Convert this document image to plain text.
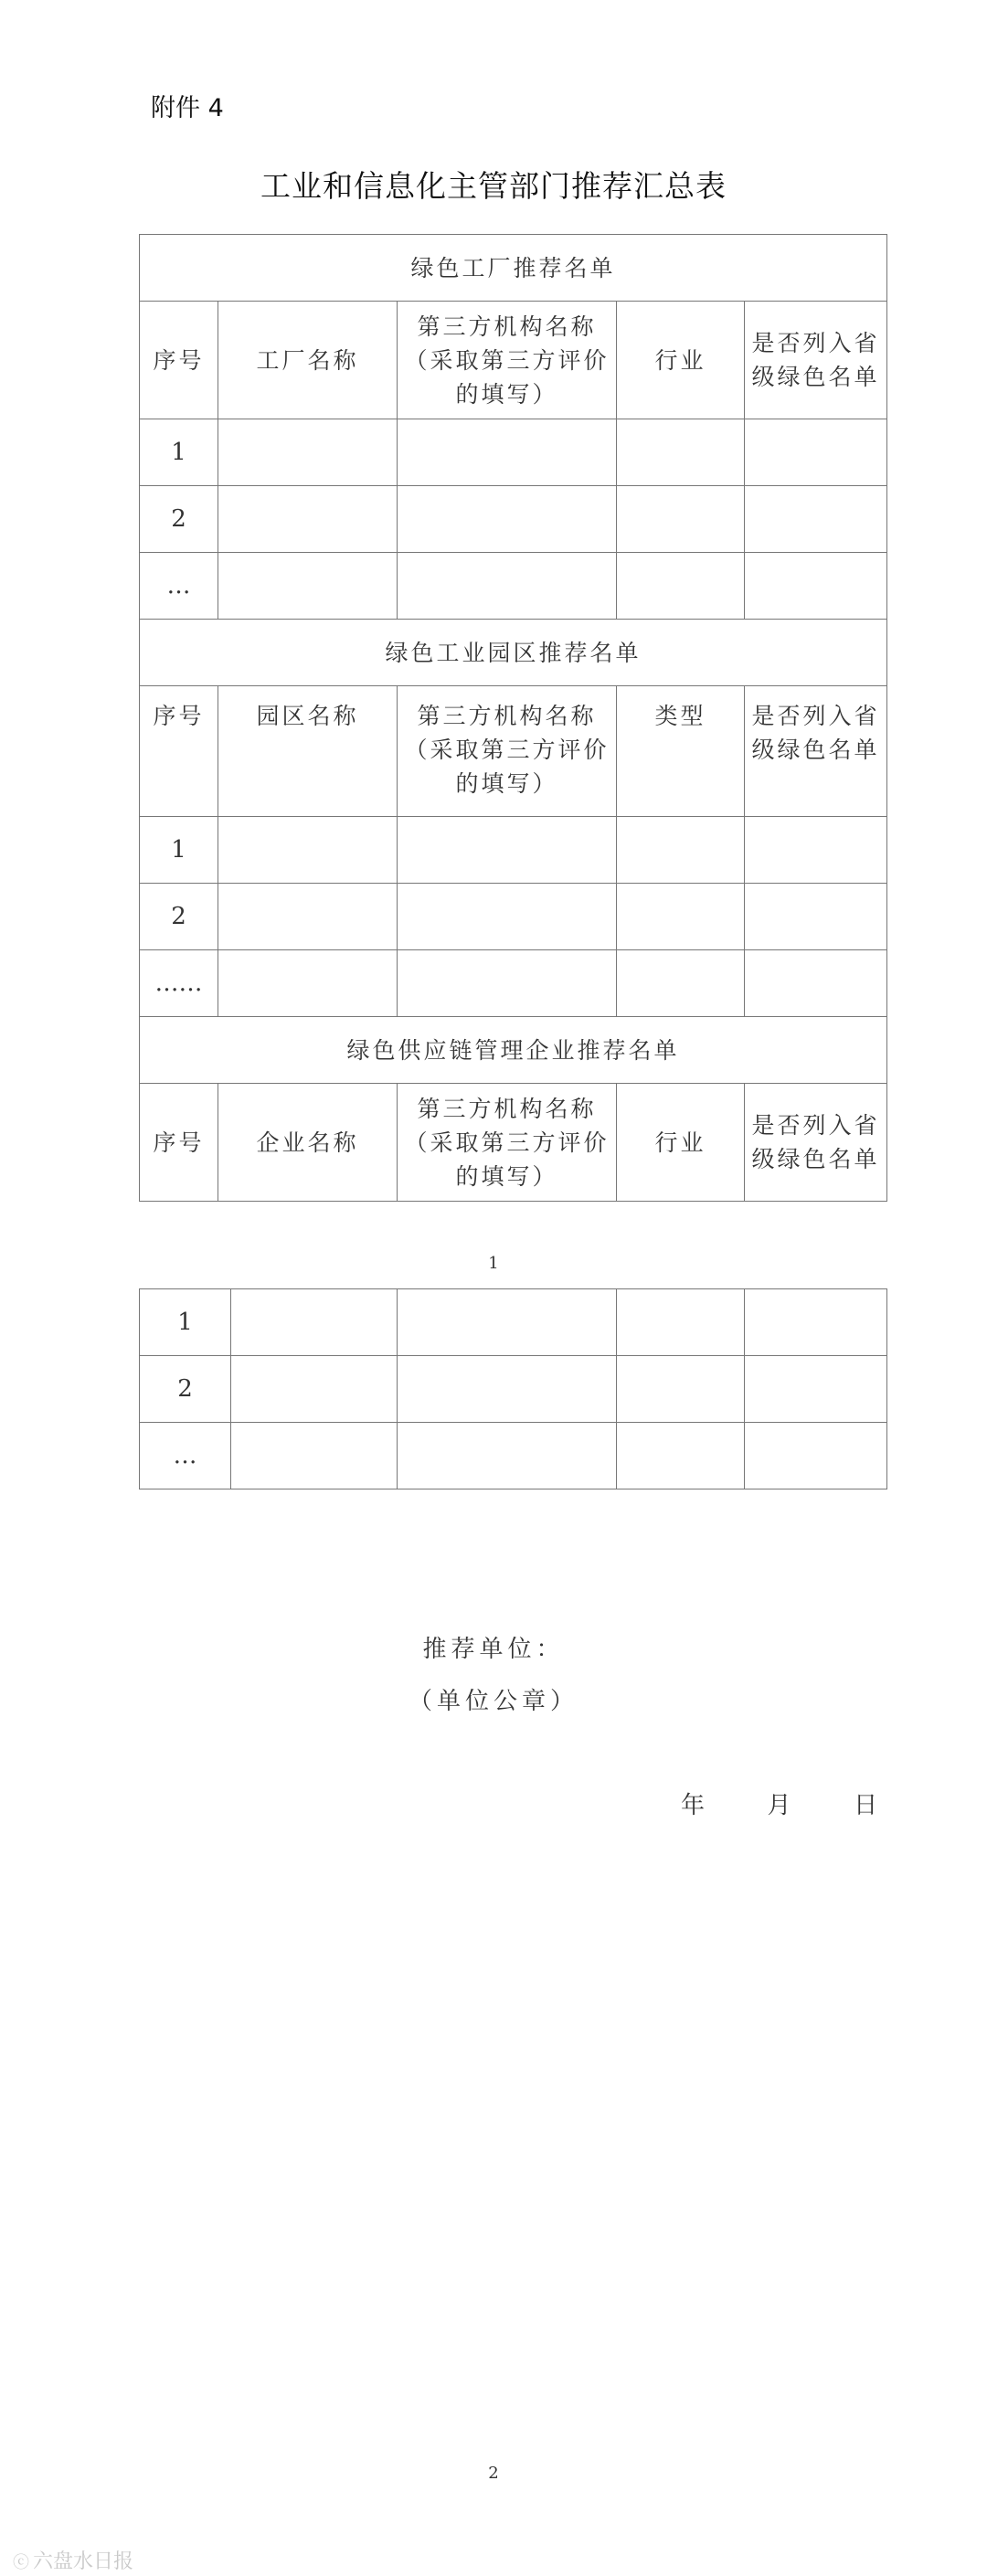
附件 4
工业和信息化主管部门推荐汇总表
绿色工厂推荐名单				
序号	工厂名称	第三方机构名称（采取第三方评价的填写）	行业	是否列入省级绿色名单
1				
2				
…				
绿色工业园区推荐名单				
序号	园区名称	第三方机构名称（采取第三方评价的填写）	类型	是否列入省级绿色名单
1				
2				
……				
绿色供应链管理企业推荐名单				
序号	企业名称	第三方机构名称（采取第三方评价的填写）	行业	是否列入省级绿色名单
1
1				
2				
…				
推荐单位：
（单位公章）
年	月	日
2
ⓒ 六盘水日报
